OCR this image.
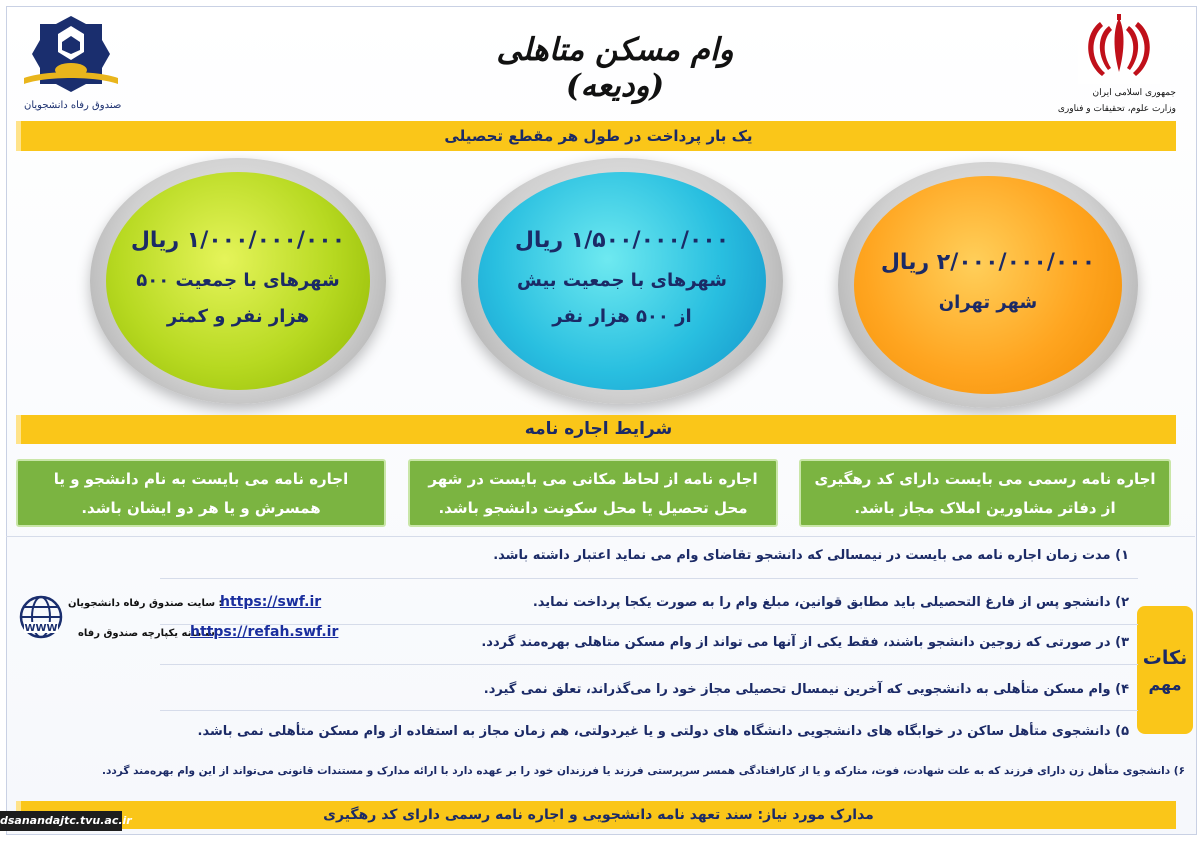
جمهوری اسلامی ایران
وزارت علوم، تحقیقات و فناوری
صندوق رفاه دانشجویان
وام مسکن متاهلی (ودیعه)
یک بار پرداخت در طول هر مقطع تحصیلی
۲/۰۰۰/۰۰۰/۰۰۰ ریال
شهر تهران
۱/۵۰۰/۰۰۰/۰۰۰ ریال
شهرهای با جمعیت بیش از ۵۰۰ هزار نفر
۱/۰۰۰/۰۰۰/۰۰۰ ریال
شهرهای با جمعیت ۵۰۰ هزار نفر و کمتر
شرایط اجاره نامه
اجاره نامه رسمی می بایست دارای کد رهگیری از دفاتر مشاورین املاک مجاز باشد.
اجاره نامه از لحاظ مکانی می بایست در شهر محل تحصیل یا محل سکونت دانشجو باشد.
اجاره نامه می بایست به نام دانشجو و یا همسرش و یا هر دو ایشان باشد.
نکات
مهم
۱) مدت زمان اجاره نامه می بایست در نیمسالی که دانشجو تقاضای وام می نماید اعتبار داشته باشد.
۲) دانشجو پس از فارغ التحصیلی باید مطابق قوانین، مبلغ وام را به صورت یکجا پرداخت نماید.
۳) در صورتی که زوجین دانشجو باشند، فقط یکی از آنها می تواند از وام مسکن متاهلی بهره‌مند گردد.
۴) وام مسکن متأهلی به دانشجویی که آخرین نیمسال تحصیلی مجاز خود را می‌گذراند، تعلق نمی گیرد.
۵) دانشجوی متأهل ساکن در خوابگاه های دانشجویی دانشگاه های دولتی و یا غیردولتی، هم زمان مجاز به استفاده از وام مسکن متأهلی نمی باشد.
۶) دانشجوی متأهل زن دارای فرزند که به علت شهادت، فوت، متارکه و یا از کارافتادگی همسر سرپرستی فرزند یا فرزندان خود را بر عهده دارد با ارائه مدارک و مستندات قانونی می‌تواند از این وام بهره‌مند گردد.
WWW
: سایت صندوق رفاه دانشجویان
https://swf.ir
سامانه یکپارچه صندوق رفاه
https://refah.swf.ir
مدارک مورد نیاز: سند تعهد نامه دانشجویی و اجاره نامه رسمی دارای کد رهگیری
dsanandajtc.tvu.ac.ir
